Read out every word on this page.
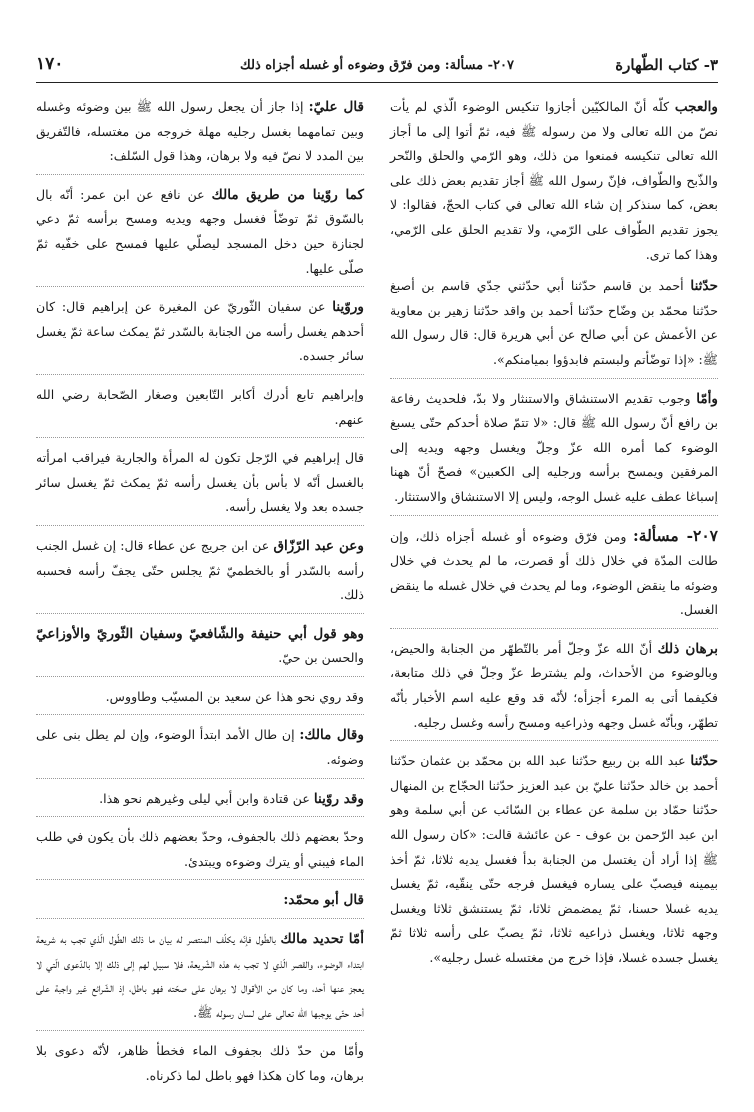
٣- كتاب الطّهارة
٢٠٧- مسألة: ومن فرّق وضوءه أو غسله أجزاه ذلك
١٧٠

والعجب كلّه أنّ المالكيّين أجازوا تنكيس الوضوء الّذي لم يأت نصّ من الله تعالى ولا من رسوله ﷺ فيه، ثمّ أتوا إلى ما أجاز الله تعالى تنكيسه فمنعوا من ذلك، وهو الرّمي والحلق والنّحر والذّبح والطّواف، فإنّ رسول الله ﷺ أجاز تقديم بعض ذلك على بعض، كما سنذكر إن شاء الله تعالى في كتاب الحجّ، فقالوا: لا يجوز تقديم الطّواف على الرّمي، ولا تقديم الحلق على الرّمي، وهذا كما ترى.

حدّثنا أحمد بن قاسم حدّثنا أبي حدّثني جدّي قاسم بن أصبغ حدّثنا محمّد بن وضّاح حدّثنا أحمد بن واقد حدّثنا زهير بن معاوية عن الأعمش عن أبي صالح عن أبي هريرة قال: قال رسول الله ﷺ: «إذا توضّأتم ولبستم فابدؤوا بميامنكم».

وأمّا وجوب تقديم الاستنشاق والاستنثار ولا بدّ، فلحديث رفاعة بن رافع أنّ رسول الله ﷺ قال: «لا تتمّ صلاة أحدكم حتّى يسبغ الوضوء كما أمره الله عزّ وجلّ ويغسل وجهه ويديه إلى المرفقين ويمسح برأسه ورجليه إلى الكعبين» فصحّ أنّ ههنا إسباغا عطف عليه غسل الوجه، وليس إلا الاستنشاق والاستنثار.

٢٠٧- مسألة: ومن فرّق وضوءه أو غسله أجزاه ذلك، وإن طالت المدّة في خلال ذلك أو قصرت، ما لم يحدث في خلال وضوئه ما ينقض الوضوء، وما لم يحدث في خلال غسله ما ينقض الغسل.

برهان ذلك أنّ الله عزّ وجلّ أمر بالتّطهّر من الجنابة والحيض، وبالوضوء من الأحداث، ولم يشترط عزّ وجلّ في ذلك متابعة، فكيفما أتى به المرء أجزأه؛ لأنّه قد وقع عليه اسم الأخبار بأنّه تطهّر، وبأنّه غسل وجهه وذراعيه ومسح رأسه وغسل رجليه.

حدّثنا عبد الله بن ربيع حدّثنا عبد الله بن محمّد بن عثمان حدّثنا أحمد بن خالد حدّثنا عليّ بن عبد العزيز حدّثنا الحجّاج بن المنهال حدّثنا حمّاد بن سلمة عن عطاء بن السّائب عن أبي سلمة وهو ابن عبد الرّحمن بن عوف - عن عائشة قالت: «كان رسول الله ﷺ إذا أراد أن يغتسل من الجنابة بدأ فغسل يديه ثلاثا، ثمّ أخذ بيمينه فيصبّ على يساره فيغسل فرجه حتّى ينقّيه، ثمّ يغسل يديه غسلا حسنا، ثمّ يمضمض ثلاثا، ثمّ يستنشق ثلاثا ويغسل وجهه ثلاثا، ويغسل ذراعيه ثلاثا، ثمّ يصبّ على رأسه ثلاثا ثمّ يغسل جسده غسلا، فإذا خرج من مغتسله غسل رجليه».

قال عليّ: إذا جاز أن يجعل رسول الله ﷺ بين وضوئه وغسله وبين تمامهما بغسل رجليه مهلة خروجه من مغتسله، فالتّفريق بين المدد لا نصّ فيه ولا برهان، وهذا قول السّلف:

كما روّينا من طريق مالك عن نافع عن ابن عمر: أنّه بال بالسّوق ثمّ توضّأ فغسل وجهه ويديه ومسح برأسه ثمّ دعي لجنازة حين دخل المسجد ليصلّي عليها فمسح على خفّيه ثمّ صلّى عليها.

وروّينا عن سفيان الثّوريّ عن المغيرة عن إبراهيم قال: كان أحدهم يغسل رأسه من الجنابة بالسّدر ثمّ يمكث ساعة ثمّ يغسل سائر جسده.

وإبراهيم تابع أدرك أكابر التّابعين وصغار الصّحابة رضي الله عنهم.

قال إبراهيم في الرّجل تكون له المرأة والجارية فيراقب امرأته بالغسل أنّه لا بأس بأن يغسل رأسه ثمّ يمكث ثمّ يغسل سائر جسده بعد ولا يغسل رأسه.

وعن عبد الرّزّاق عن ابن جريج عن عطاء قال: إن غسل الجنب رأسه بالسّدر أو بالخطميّ ثمّ يجلس حتّى يجفّ رأسه فحسبه ذلك.

وهو قول أبي حنيفة والشّافعيّ وسفيان الثّوريّ والأوزاعيّ والحسن بن حيّ.

وقد روي نحو هذا عن سعيد بن المسيّب وطاووس.

وقال مالك: إن طال الأمد ابتدأ الوضوء، وإن لم يطل بنى على وضوئه.

وقد روّينا عن قتادة وابن أبي ليلى وغيرهم نحو هذا.

وحدّ بعضهم ذلك بالجفوف، وحدّ بعضهم ذلك بأن يكون في طلب الماء فيبني أو يترك وضوءه ويبتدئ.

قال أبو محمّد:

أمّا تحديد مالك بالطّول فإنّه يكلّف المنتصر له بيان ما ذلك الطّول الّذي تجب به شريعة ابتداء الوضوء، والقصر الّذي لا تجب به هذه الشّريعة، فلا سبيل لهم إلى ذلك إلا بالدّعوى الّتي لا يعجز عنها أحد، وما كان من الأقوال لا برهان على صحّته فهو باطل، إذ الشّرائع غير واجبة على أحد حتّى يوجبها الله تعالى على لسان رسوله ﷺ.

وأمّا من حدّ ذلك بجفوف الماء فخطأ ظاهر، لأنّه دعوى بلا برهان، وما كان هكذا فهو باطل لما ذكرناه.
